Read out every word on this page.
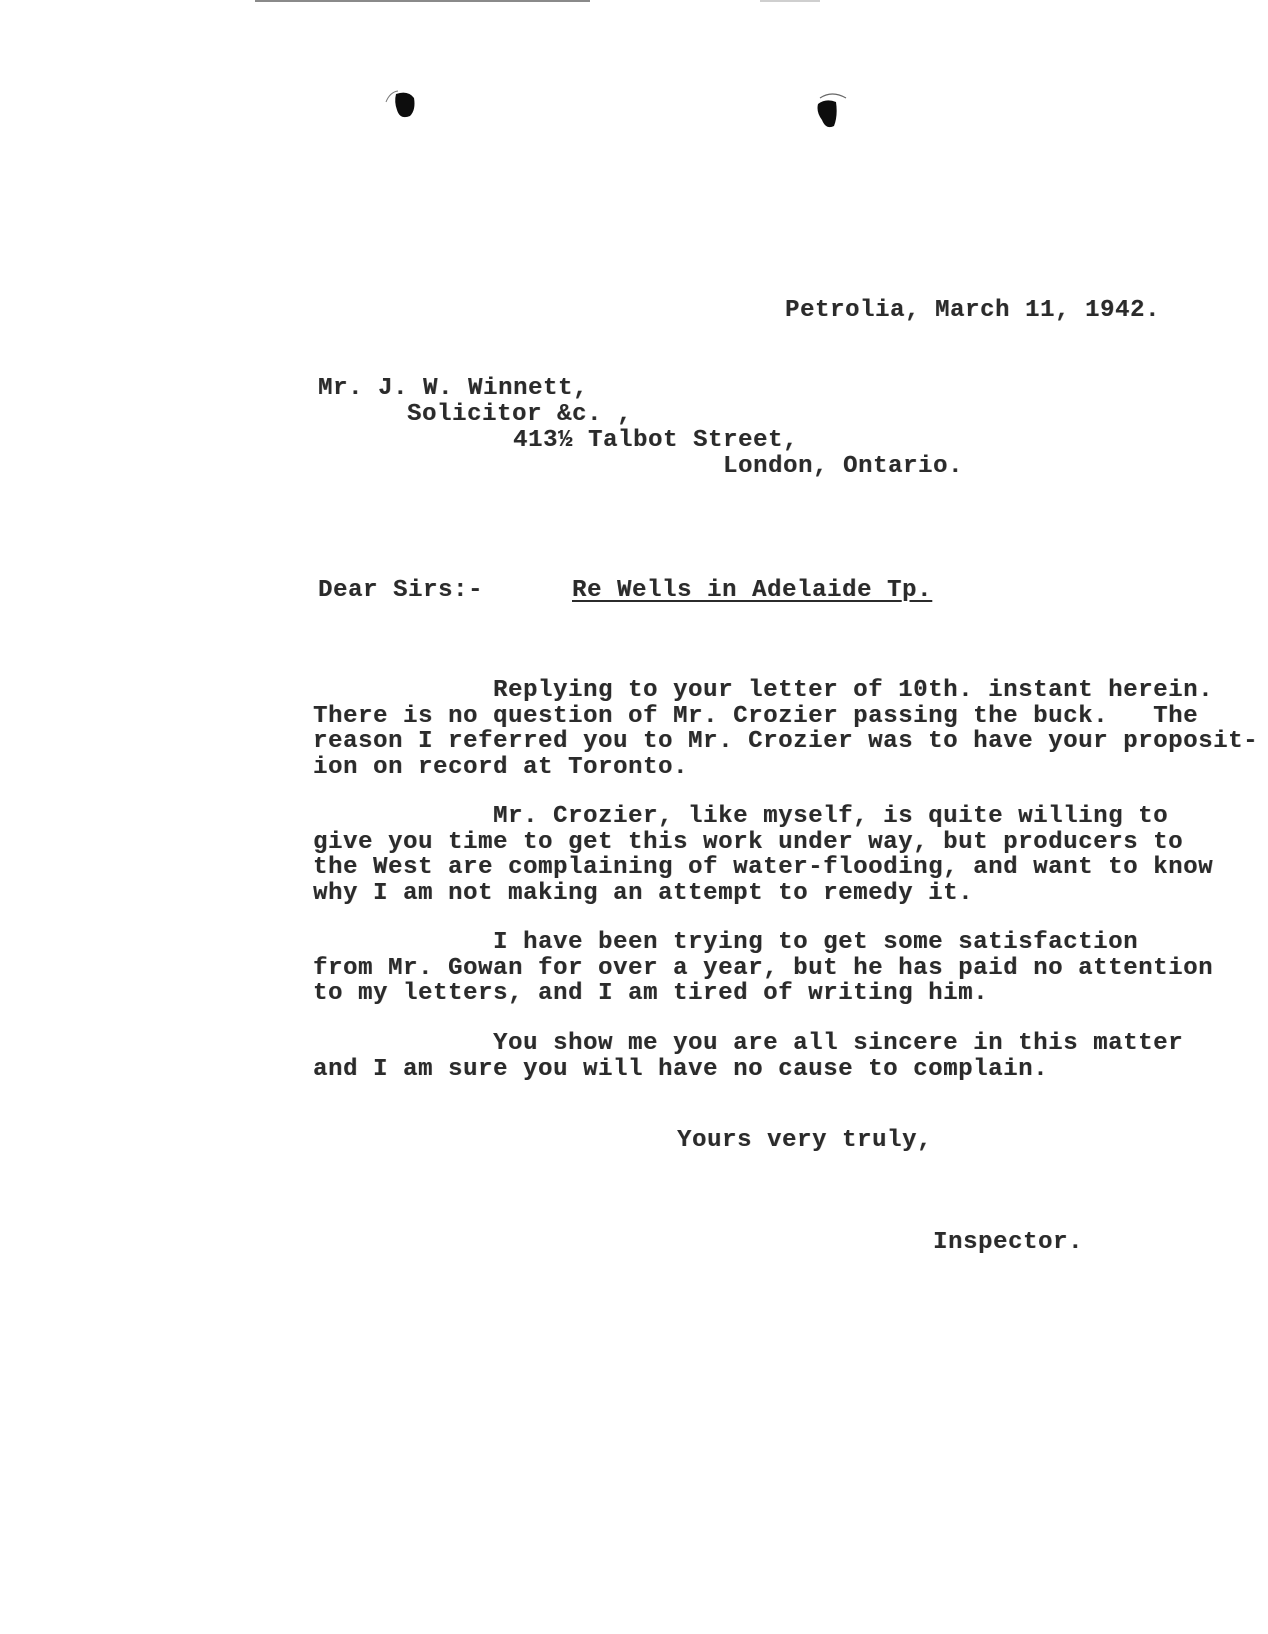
Petrolia, March 11, 1942.
Mr. J. W. Winnett,
Solicitor &c. ,
413½ Talbot Street,
London, Ontario.
Dear Sirs:-	Re Wells in Adelaide Tp.
Replying to your letter of 10th. instant herein.
There is no question of Mr. Crozier passing the buck.   The
reason I referred you to Mr. Crozier was to have your proposit-
ion on record at Toronto.
Mr. Crozier, like myself, is quite willing to
give you time to get this work under way, but producers to
the West are complaining of water-flooding, and want to know
why I am not making an attempt to remedy it.
I have been trying to get some satisfaction
from Mr. Gowan for over a year, but he has paid no attention
to my letters, and I am tired of writing him.
You show me you are all sincere in this matter
and I am sure you will have no cause to complain.
Yours very truly,
Inspector.
